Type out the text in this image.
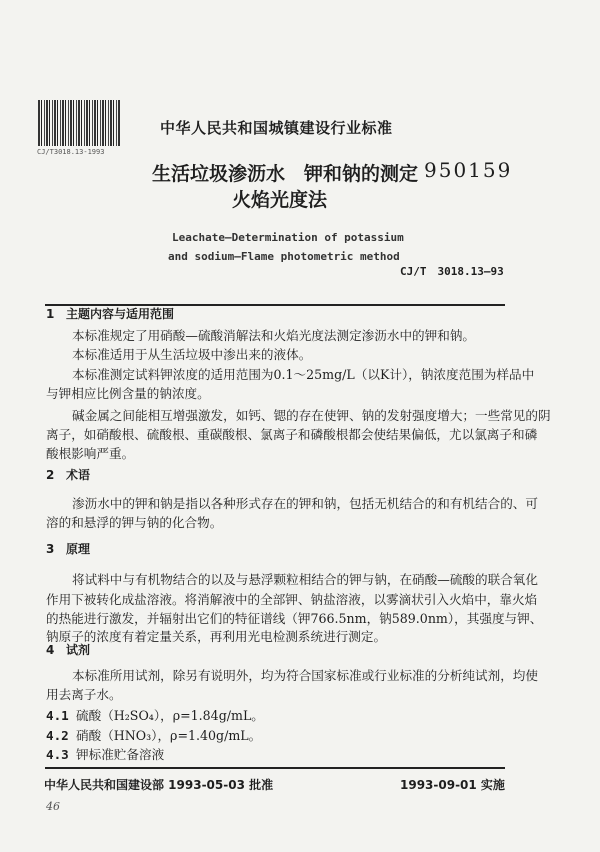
CJ/T3018.13-1993
中华人民共和国城镇建设行业标准
生活垃圾渗沥水　钾和钠的测定 950159
火焰光度法
Leachate—Determination of potassium
and sodium—Flame photometric method
CJ/T　3018.13—93
1 主题内容与适用范围
本标准规定了用硝酸—硫酸消解法和火焰光度法测定渗沥水中的钾和钠。
本标准适用于从生活垃圾中渗出来的液体。
本标准测定试料钾浓度的适用范围为0.1～25mg/L（以K计），钠浓度范围为样品中
与钾相应比例含量的钠浓度。
碱金属之间能相互增强激发，如钙、锶的存在使钾、钠的发射强度增大；一些常见的阴
离子，如硝酸根、硫酸根、重碳酸根、氯离子和磷酸根都会使结果偏低，尤以氯离子和磷
酸根影响严重。
2 术语
渗沥水中的钾和钠是指以各种形式存在的钾和钠，包括无机结合的和有机结合的、可
溶的和悬浮的钾与钠的化合物。
3 原理
将试料中与有机物结合的以及与悬浮颗粒相结合的钾与钠，在硝酸—硫酸的联合氧化
作用下被转化成盐溶液。将消解液中的全部钾、钠盐溶液，以雾滴状引入火焰中，靠火焰
的热能进行激发，并辐射出它们的特征谱线（钾766.5nm，钠589.0nm），其强度与钾、
钠原子的浓度有着定量关系，再利用光电检测系统进行测定。
4 试剂
本标准所用试剂，除另有说明外，均为符合国家标准或行业标准的分析纯试剂，均使
用去离子水。
4.1 硫酸（H₂SO₄），ρ=1.84g/mL。
4.2 硝酸（HNO₃），ρ=1.40g/mL。
4.3 钾标准贮备溶液
中华人民共和国建设部 1993-05-03 批准	1993-09-01 实施
46
